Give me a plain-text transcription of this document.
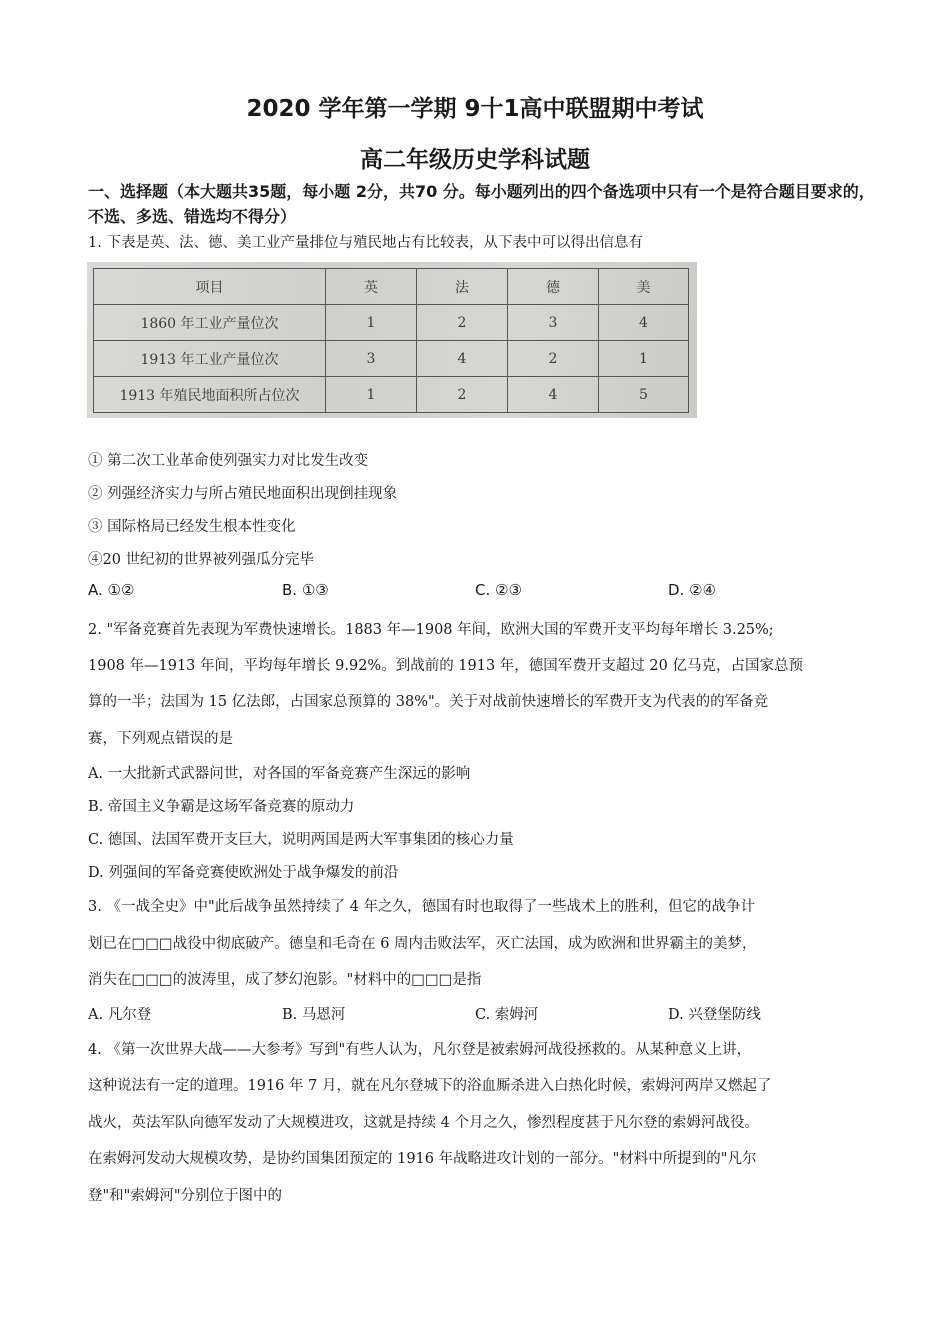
2020 学年第一学期 9十1高中联盟期中考试
高二年级历史学科试题
一、选择题（本大题共35题，每小题 2分，共70 分。每小题列出的四个备选项中只有一个是符合题目要求的，不选、多选、错选均不得分）
1. 下表是英、法、德、美工业产量排位与殖民地占有比较表，从下表中可以得出信息有
项目	英	法	德	美
1860 年工业产量位次	1	2	3	4
1913 年工业产量位次	3	4	2	1
1913 年殖民地面积所占位次	1	2	4	5
① 第二次工业革命使列强实力对比发生改变
② 列强经济实力与所占殖民地面积出现倒挂现象
③ 国际格局已经发生根本性变化
④20 世纪初的世界被列强瓜分完毕
A. ①②	B. ①③	C. ②③	D. ②④
2. "军备竞赛首先表现为军费快速增长。1883 年—1908 年间，欧洲大国的军费开支平均每年增长 3.25%;
1908 年—1913 年间，平均每年增长 9.92%。到战前的 1913 年，德国军费开支超过 20 亿马克，占国家总预
算的一半；法国为 15 亿法郎，占国家总预算的 38%"。关于对战前快速增长的军费开支为代表的的军备竞
赛，下列观点错误的是
A. 一大批新式武器问世，对各国的军备竞赛产生深远的影响
B. 帝国主义争霸是这场军备竞赛的原动力
C. 德国、法国军费开支巨大，说明两国是两大军事集团的核心力量
D. 列强间的军备竞赛使欧洲处于战争爆发的前沿
3. 《一战全史》中"此后战争虽然持续了 4 年之久，德国有时也取得了一些战术上的胜利，但它的战争计
划已在□□□战役中彻底破产。德皇和毛奇在 6 周内击败法军，灭亡法国，成为欧洲和世界霸主的美梦，
消失在□□□的波涛里，成了梦幻泡影。"材料中的□□□是指
A. 凡尔登	B. 马恩河	C. 索姆河	D. 兴登堡防线
4. 《第一次世界大战——大参考》写到"有些人认为，凡尔登是被索姆河战役拯救的。从某种意义上讲，
这种说法有一定的道理。1916 年 7 月，就在凡尔登城下的浴血厮杀进入白热化时候，索姆河两岸又燃起了
战火，英法军队向德军发动了大规模进攻，这就是持续 4 个月之久，惨烈程度甚于凡尔登的索姆河战役。
在索姆河发动大规模攻势，是协约国集团预定的 1916 年战略进攻计划的一部分。"材料中所提到的"凡尔
登"和"索姆河"分别位于图中的
